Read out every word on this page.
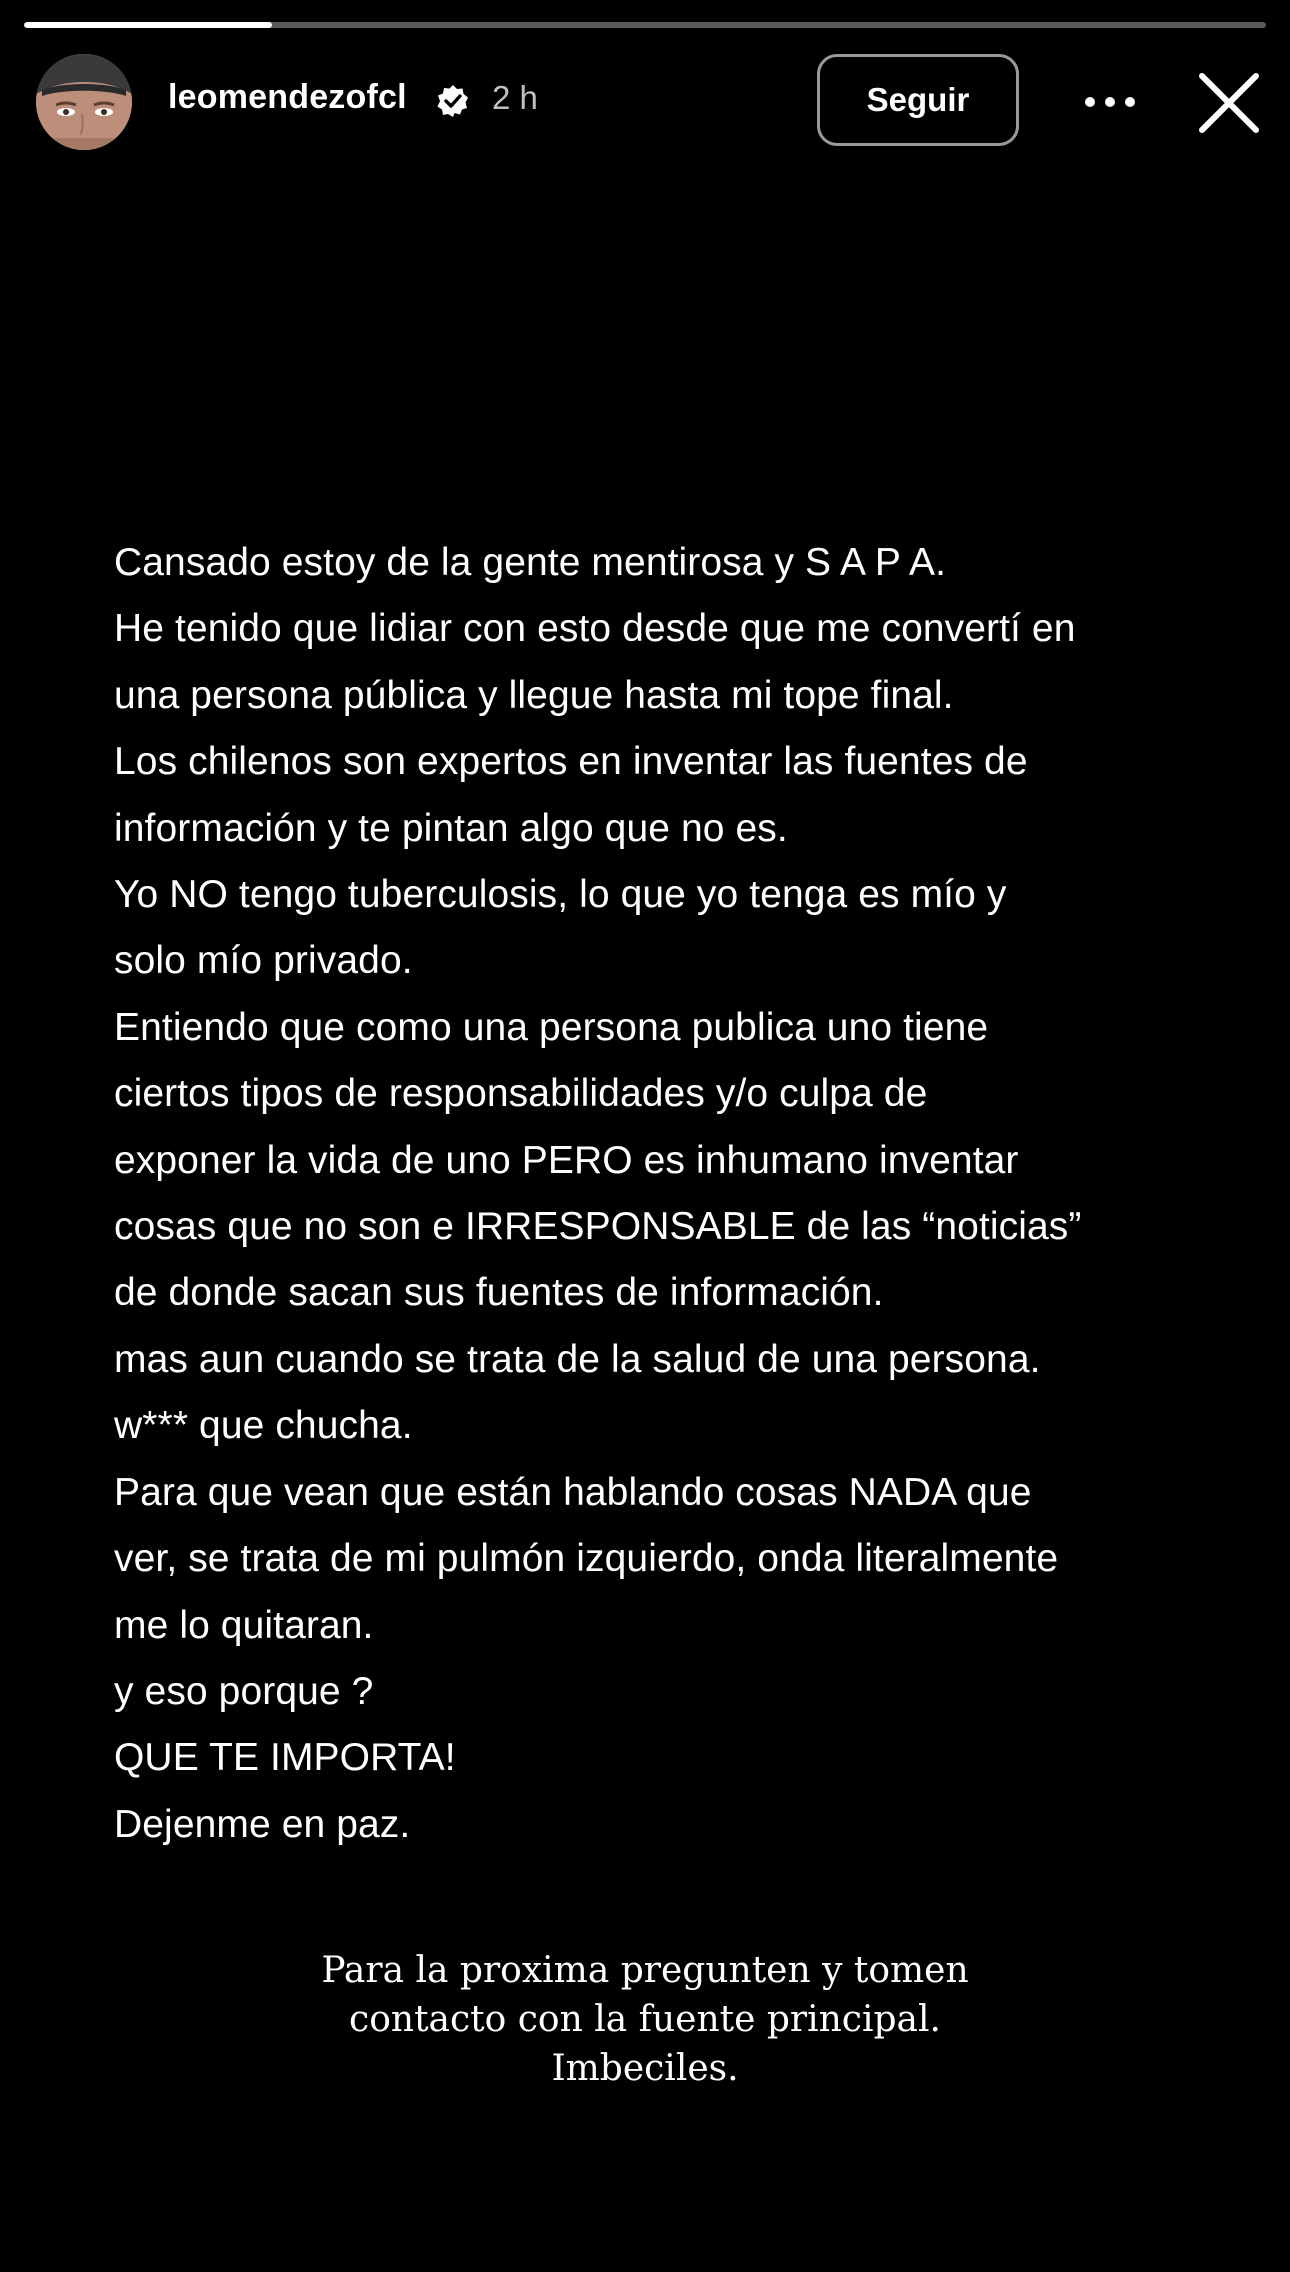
leomendezofcl	2 h	Seguir
Cansado estoy de la gente mentirosa y S A P A.
He tenido que lidiar con esto desde que me convertí en
una persona pública y llegue hasta mi tope final.
Los chilenos son expertos en inventar las fuentes de
información y te pintan algo que no es.
Yo NO tengo tuberculosis, lo que yo tenga es mío y
solo mío privado.
Entiendo que como una persona publica uno tiene
ciertos tipos de responsabilidades y/o culpa de
exponer la vida de uno PERO es inhumano inventar
cosas que no son e IRRESPONSABLE de las “noticias”
de donde sacan sus fuentes de información.
mas aun cuando se trata de la salud de una persona.
w*** que chucha.
Para que vean que están hablando cosas NADA que
ver, se trata de mi pulmón izquierdo, onda literalmente
me lo quitaran.
y eso porque ?
QUE TE IMPORTA!
Dejenme en paz.
Para la proxima pregunten y tomen
contacto con la fuente principal.
Imbeciles.
